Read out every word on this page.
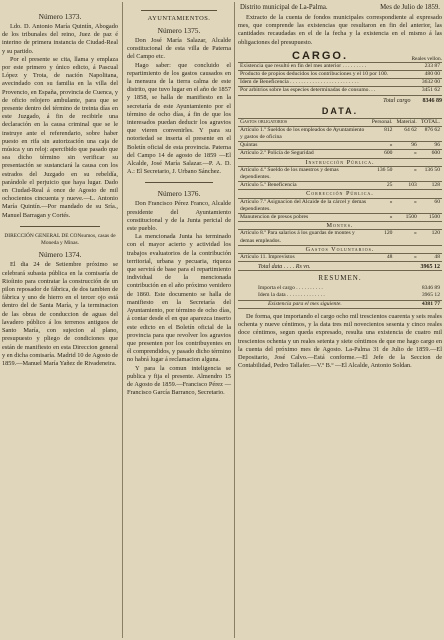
Número 1373.

Ldo. D. Antonio María Quintín, Abogado de los tribunales del reino, Juez de paz é interino de primera instancia de Ciudad-Real y su partido.

Por el presente se cita, llama y emplaza por este primero y único edicto, á Pascual López y Trota, de nación Napolitana, avecindado con su familia en la villa del Provencio, en España, provincia de Cuenca, y de oficio relojero ambulante, para que se presente dentro del término de treinta días en este Juzgado, á fin de recibirle una declaración en la causa criminal que se le instruye ante el referendario, sobre haber puesto en rifa sin autorización una caja de música y un reloj: apercibido que pasado que sea dicho término sin verificar su presentación se sustanciará la causa con los estrados del Juzgado en su rebeldía, parándole el perjuicio que haya lugar. Dado en Ciudad-Real á once de Agosto de mil ochocientos cincuenta y nueve.—L. Antonio María Quintín.—Por mandado de su Sría., Manuel Barragan y Cortés.

DIRECCIÓN GENERAL DE CONsumos, casas de Moneda y Minas.

Número 1374.

El dia 24 de Setiembre próximo se celebrará subasta pública en la comisaría de Rioíinto para contratar la construcción de un pilon reposador de fábrica, de dos tambien de fábrica y uno de hierro en el tercer ojo está dentro del de Santa María, y la terminacion de las obras de conduccion de aguas del lavadero público á los terrenos antiguos de Santo María, con sujecion al plano, presupuesto y pliego de condiciones que están de manifiesto en esta Direccion general y en dicha comisaría. Madrid 10 de Agosto de 1859.—Manuel María Yañez de Rivadeneira.

AYUNTAMIENTOS.

Número 1375.

Don José María Salazar, Alcalde constitucional de esta villa de Paterna del Campo etc.

Hago saber: que concluido el repartimiento de los gastos causados en la mensura de la tierra calma de este distrito, que tuvo lugar en el año de 1857 y 1858, se halla de manifiesto en la secretaría de este Ayuntamiento por el término de ocho días, á fin de que los interesados puedan deducir los agravios que vieren convenirles. Y para su notoriedad se inserta el presente en el Boletín oficial de esta provincia. Paterna del Campo 14 de agosto de 1859 —El Alcalde, José María Salazar.—P. A. D. A.: El Secretario, J. Urbano Sánchez.

Número 1376.

Don Francisco Pérez Franco, Alcalde presidente del Ayuntamiento constitucional y de la Junta pericial de este pueblo.

La mencionada Junta ha terminado con el mayor acierto y actividad los trabajos evaluatorios de la contribución territorial, urbana y pecuaria, riqueza que servirá de base para el repartimiento individual de la mencionada contribución en el año próximo venidero de 1860. Este documento se halla de manifiesto en la Secretaría del Ayuntamiento, por término de ocho días, á contar desde el en que aparezca inserto este edicto en el Boletín oficial de la provincia para que revolver los agravios que presenten por los contribuyentes en él comprendidos, y pasado dicho término no habrá lugar á reclamacion alguna.

Y para la comun inteligencia se publica y fija el presente. Almendro 15 de Agosto de 1859.—Francisco Pérez —Francisco García Barranco, Secretario.

Distrito municipal de La-Palma.	Mes de Julio de 1859.

Extracto de la cuenta de fondos municipales correspondiente al expresado mes, que comprende las existencias que resultaron en fin del anterior, las cantidades recaudadas en el de la fecha y la existencia en el mismo á las obligaciones del presupuesto.

CARGO.	Reales vellon.
Existencia que resultó en fin del mes anterior . . . . . . . . .	233 87
Producto de propios deducidos los contribuciones y el 10 por 100.	480 00
Idem de Beneficencia . . . . . . . . . . . . . . . . . . . . . . . . .	3632 00
Por arbitrios sobre las especies determinadas de consumo. . .	3451 62
Total cargo 8346 89
DATA.
Gastos obligatorios	Personal.	Material.	TOTAL.
Artículo 1.º Sueldos de los empleados de Ayuntamiento y gastos de oficina	812	64 62	876 62
Quintas	»	96	96
Artículo 2.º Policía de Seguridad	600	»	600
Instrucción Pública.			
Artículo 4.º Sueldo de los maestros y demas dependientes.	136 50	»	136 50
Artículo 5.º Beneficencia	25	103	128
Corrección Pública.			
Artículo 7.º Asignacion del Alcaide de la cárcel y demas dependientes.	»	»	60
Manutencion de presos pobres	»	1500	1500
Montes.			
Artículo 8.º Para salarios á los guardas de montes y demas empleados.	120	»	120
Gastos Voluntarios.			
Artículo 11. Imprevistos	48	»	48
Total data . . . . Rs vn.	3965 12
RESUMEN.
Importa el cargo . . . . . . . . . .	8346 89
Idem la data . . . . . . . . . . . . . .	3965 12
Existencia para el mes siguiente.	4381 77

De forma, que importando el cargo ocho mil trescientos cuarenta y seis reales ochenta y nueve céntimos, y la data tres mil novecientos sesenta y cinco reales doce céntimos, segun queda expresado, resulta una existencia de cuatro mil trescientos ochenta y un reales setenta y siete céntimos de que me hago cargo en la cuenta del próximo mes de Agosto. La-Palma 31 de Julio de 1859.—El Depositario, José Calvo.—Está conforme.—El Jefe de la Seccion de Contabilidad, Pedro Tallafer.—V.º B.º —El Alcalde, Antonio Soldan.
